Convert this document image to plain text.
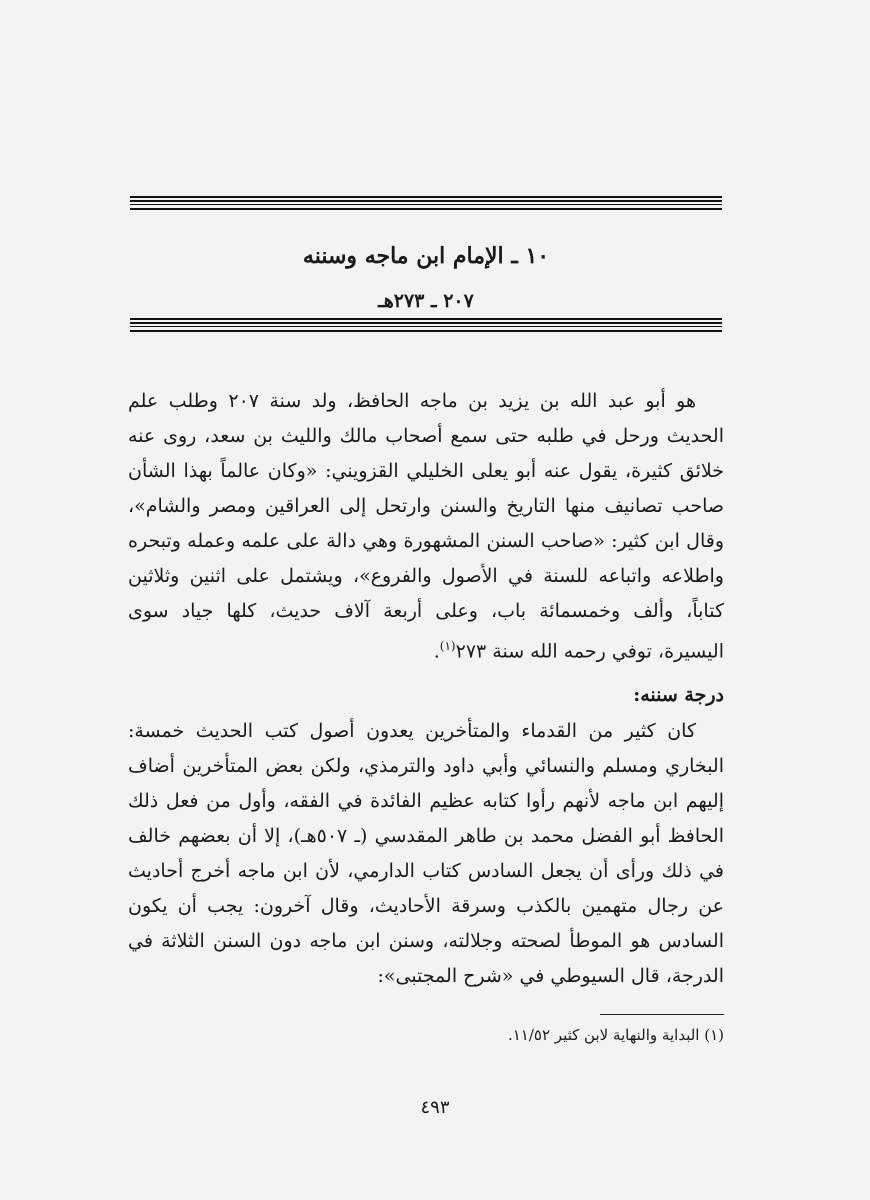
١٠ ـ الإمام ابن ماجه وسننه
٢٠٧ ـ ٢٧٣هـ

هو أبو عبد الله بن يزيد بن ماجه الحافظ، ولد سنة ٢٠٧ وطلب علم الحديث ورحل في طلبه حتى سمع أصحاب مالك والليث بن سعد، روى عنه خلائق كثيرة، يقول عنه أبو يعلى الخليلي القزويني: «وكان عالماً بهذا الشأن صاحب تصانيف منها التاريخ والسنن وارتحل إلى العراقين ومصر والشام»، وقال ابن كثير: «صاحب السنن المشهورة وهي دالة على علمه وعمله وتبحره واطلاعه واتباعه للسنة في الأصول والفروع»، ويشتمل على اثنين وثلاثين كتاباً، وألف وخمسمائة باب، وعلى أربعة آلاف حديث، كلها جياد سوى اليسيرة، توفي رحمه الله سنة ٢٧٣$^{(١)}$.

درجة سننه:

كان كثير من القدماء والمتأخرين يعدون أصول كتب الحديث خمسة: البخاري ومسلم والنسائي وأبي داود والترمذي، ولكن بعض المتأخرين أضاف إليهم ابن ماجه لأنهم رأوا كتابه عظيم الفائدة في الفقه، وأول من فعل ذلك الحافظ أبو الفضل محمد بن طاهر المقدسي (ـ ٥٠٧هـ)، إلا أن بعضهم خالف في ذلك ورأى أن يجعل السادس كتاب الدارمي، لأن ابن ماجه أخرج أحاديث عن رجال متهمين بالكذب وسرقة الأحاديث، وقال آخرون: يجب أن يكون السادس هو الموطأ لصحته وجلالته، وسنن ابن ماجه دون السنن الثلاثة في الدرجة، قال السيوطي في «شرح المجتبى»:

(١) البداية والنهاية لابن كثير ١١/٥٢.
٤٩٣
